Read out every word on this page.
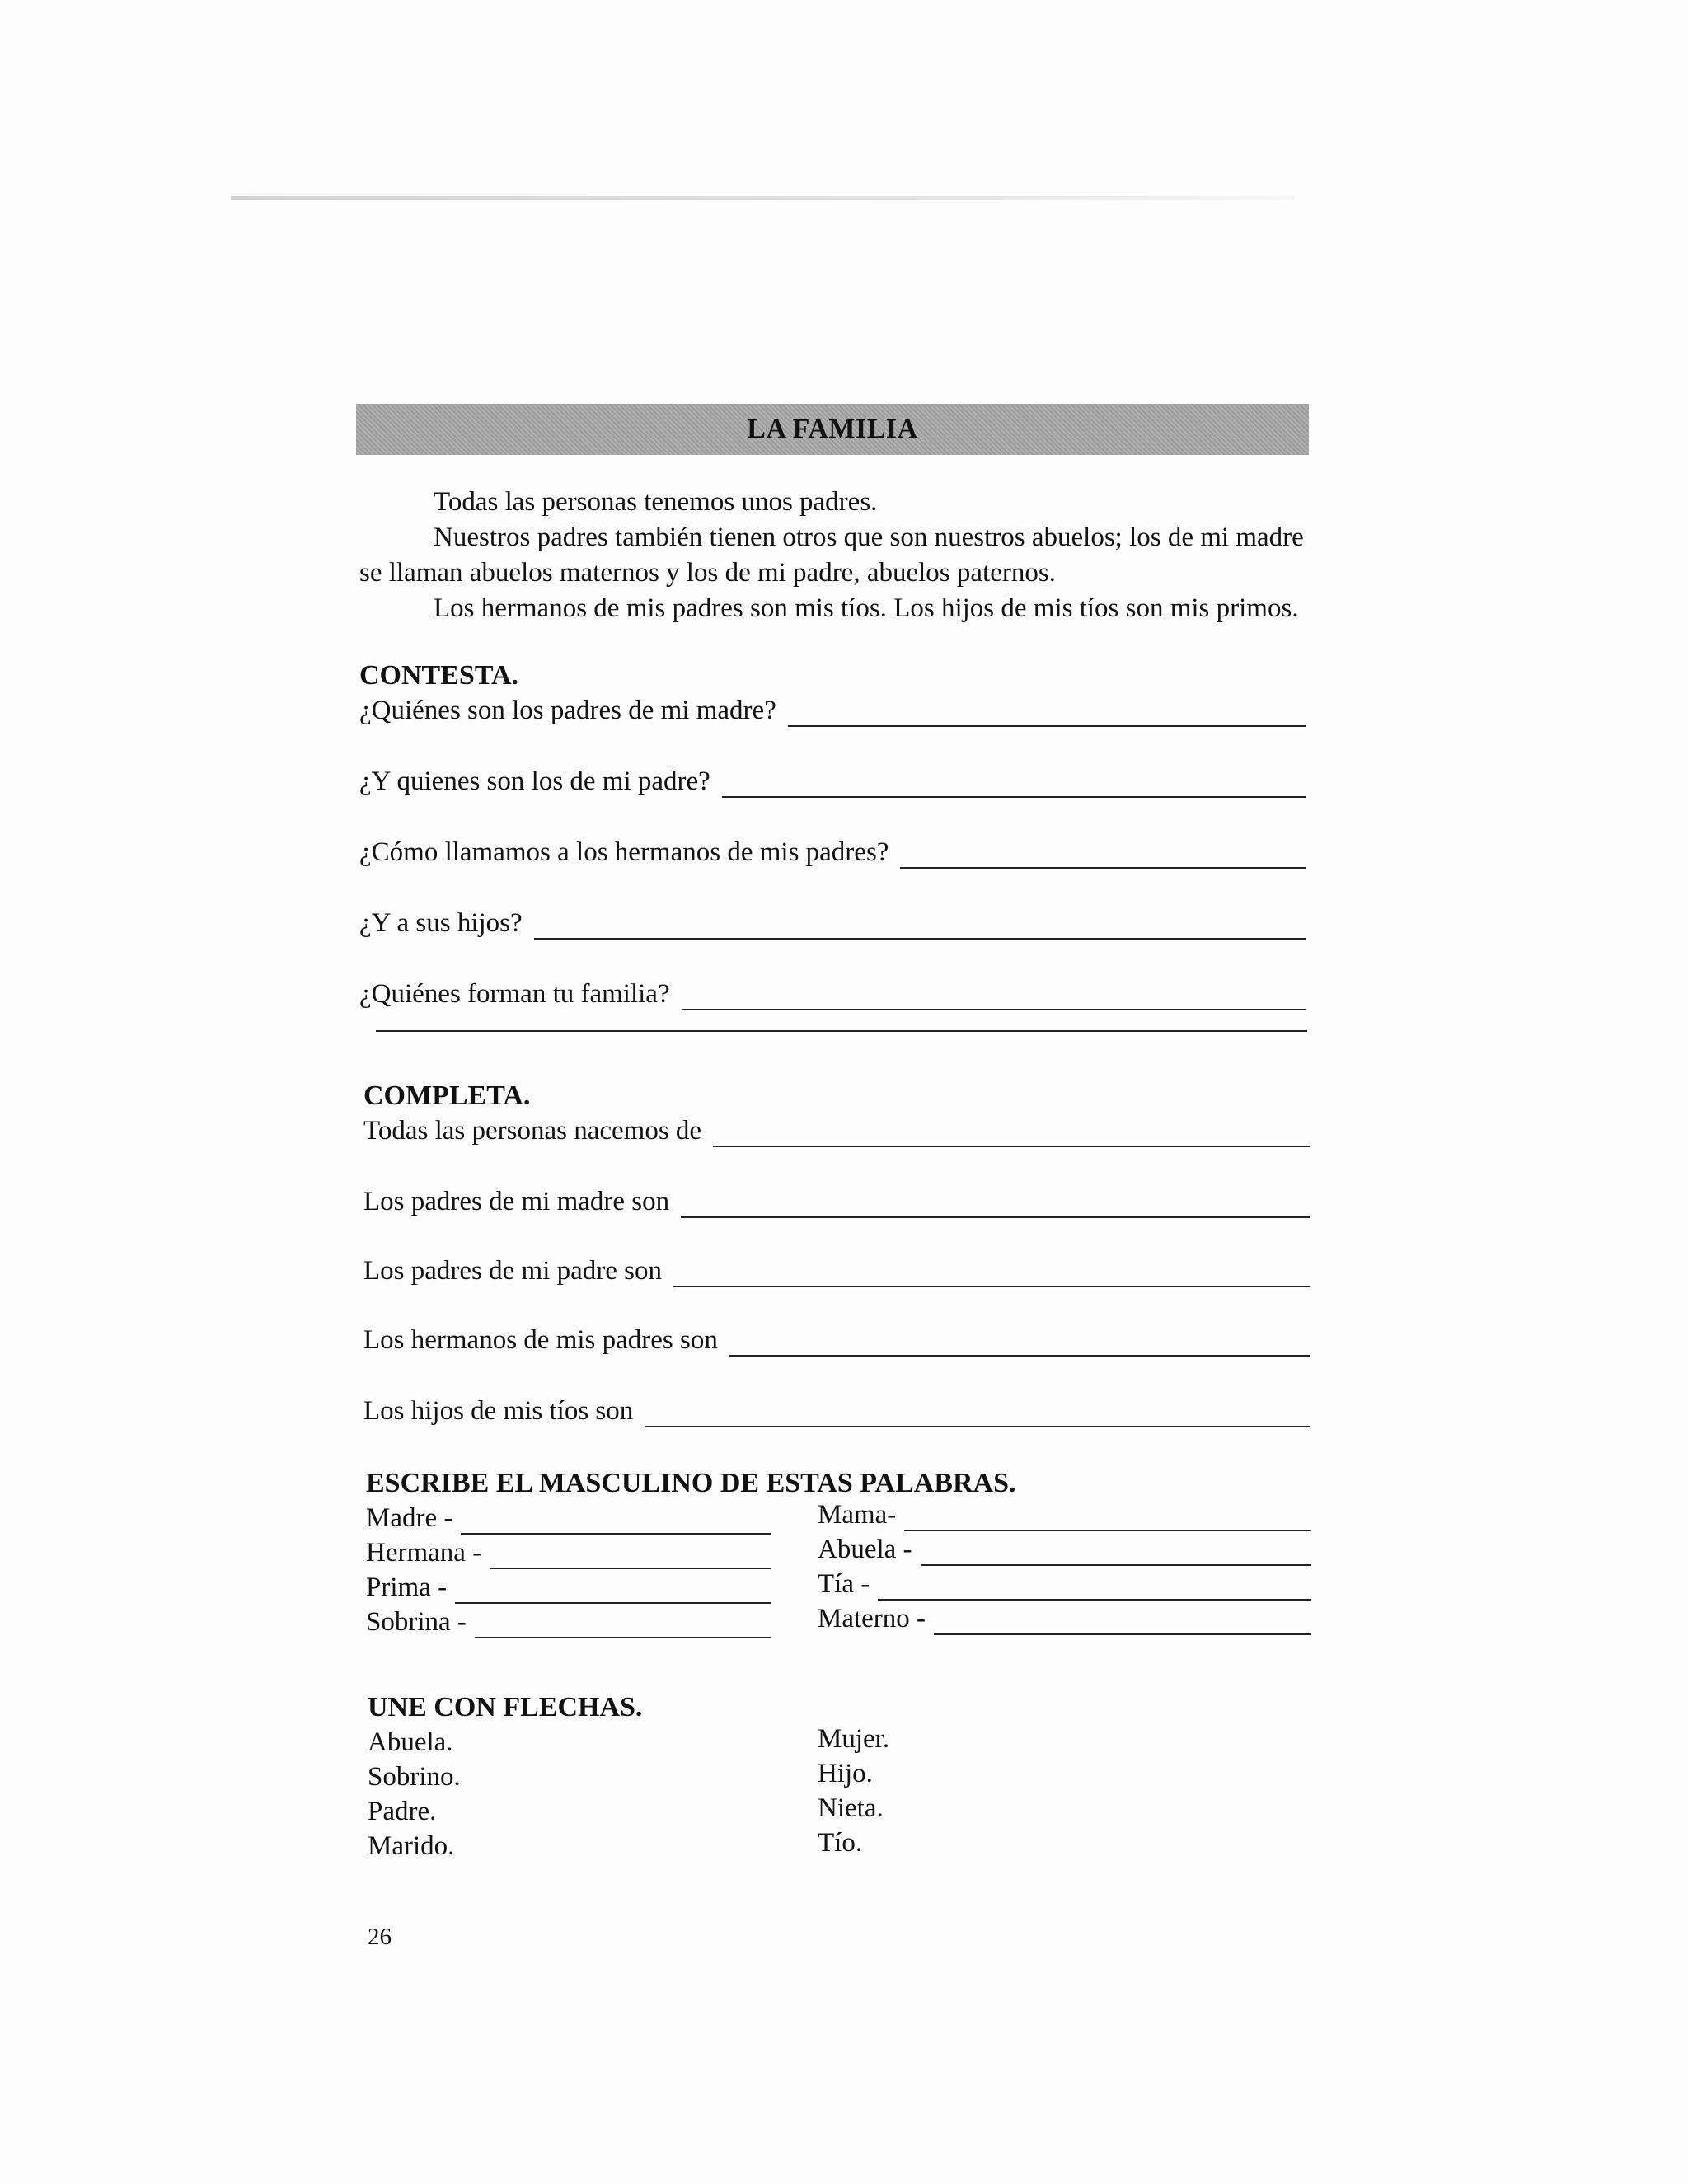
LA FAMILIA

Todas las personas tenemos unos padres.

Nuestros padres también tienen otros que son nuestros abuelos; los de mi madre se llaman abuelos maternos y los de mi padre, abuelos paternos.

Los hermanos de mis padres son mis tíos. Los hijos de mis tíos son mis primos.

CONTESTA.
¿Quiénes son los padres de mi madre?
¿Y quienes son los de mi padre?
¿Cómo llamamos a los hermanos de mis padres?
¿Y a sus hijos?
¿Quiénes forman tu familia?
COMPLETA.
Todas las personas nacemos de
Los padres de mi madre son
Los padres de mi padre son
Los hermanos de mis padres son
Los hijos de mis tíos son
ESCRIBE EL MASCULINO DE ESTAS PALABRAS.
Madre -
Hermana -
Prima -
Sobrina -
Mama-
Abuela -
Tía -
Materno -
UNE CON FLECHAS.
Abuela.
Sobrino.
Padre.
Marido.
Mujer.
Hijo.
Nieta.
Tío.
26
